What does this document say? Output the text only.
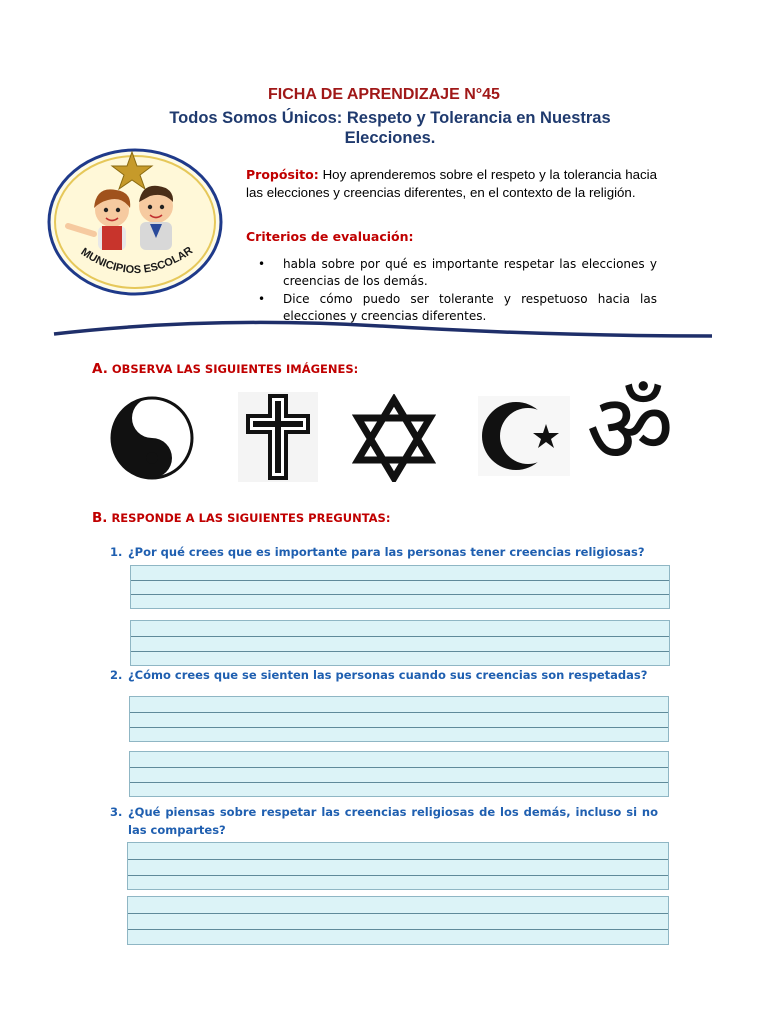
FICHA DE APRENDIZAJE N°45
Todos Somos Únicos: Respeto y Tolerancia en Nuestras Elecciones.
MUNICIPIOS ESCOLAR
Propósito: Hoy aprenderemos sobre el respeto y la tolerancia hacia las elecciones y creencias diferentes, en el contexto de la religión.
Criterios de evaluación:
• habla sobre por qué es importante respetar las elecciones y creencias de los demás.
• Dice cómo puedo ser tolerante y respetuoso hacia las elecciones y creencias diferentes.
A. OBSERVA LAS SIGUIENTES IMÁGENES:
ॐ
B. RESPONDE A LAS SIGUIENTES PREGUNTAS:
1. ¿Por qué crees que es importante para las personas tener creencias religiosas?
2. ¿Cómo crees que se sienten las personas cuando sus creencias son respetadas?
3. ¿Qué piensas sobre respetar las creencias religiosas de los demás, incluso si no las compartes?
